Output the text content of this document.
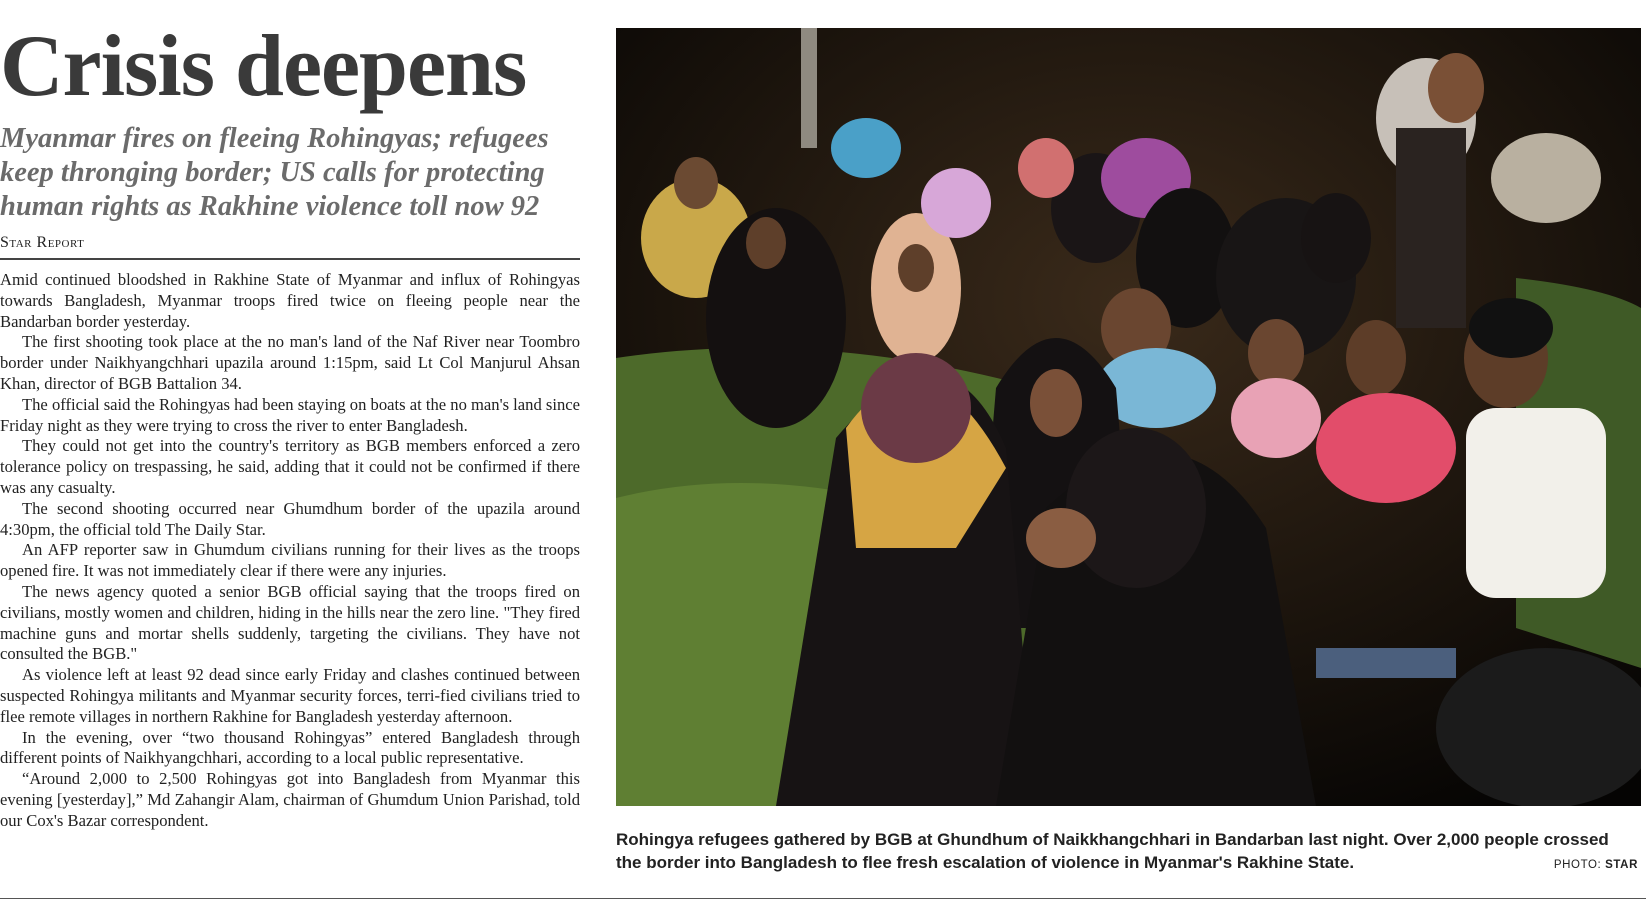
Crisis deepens
Myanmar fires on fleeing Rohingyas; refugees keep thronging border; US calls for protecting human rights as Rakhine violence toll now 92
Star Report

Amid continued bloodshed in Rakhine State of Myanmar and influx of Rohingyas towards Bangladesh, Myanmar troops fired twice on fleeing people near the Bandarban border yesterday.

The first shooting took place at the no man's land of the Naf River near Toombro border under Naikhyangchhari upazila around 1:15pm, said Lt Col Manjurul Ahsan Khan, director of BGB Battalion 34.

The official said the Rohingyas had been staying on boats at the no man's land since Friday night as they were trying to cross the river to enter Bangladesh.

They could not get into the country's territory as BGB members enforced a zero tolerance policy on trespassing, he said, adding that it could not be confirmed if there was any casualty.

The second shooting occurred near Ghumdhum border of the upazila around 4:30pm, the official told The Daily Star.

An AFP reporter saw in Ghumdum civilians running for their lives as the troops opened fire. It was not immediately clear if there were any injuries.

The news agency quoted a senior BGB official saying that the troops fired on civilians, mostly women and children, hiding in the hills near the zero line. "They fired machine guns and mortar shells suddenly, targeting the civilians. They have not consulted the BGB."

As violence left at least 92 dead since early Friday and clashes continued between suspected Rohingya militants and Myanmar security forces, terri-fied civilians tried to flee remote villages in northern Rakhine for Bangladesh yesterday afternoon.

In the evening, over “two thousand Rohingyas” entered Bangladesh through different points of Naikhyangchhari, according to a local public representative.

“Around 2,000 to 2,500 Rohingyas got into Bangladesh from Myanmar this evening [yesterday],” Md Zahangir Alam, chairman of Ghumdum Union Parishad, told our Cox's Bazar correspondent.

Rohingya refugees gathered by BGB at Ghundhum of Naikkhangchhari in Bandarban last night. Over 2,000 people crossed the border into Bangladesh to flee fresh escalation of violence in Myanmar's Rakhine State.	PHOTO: STAR
